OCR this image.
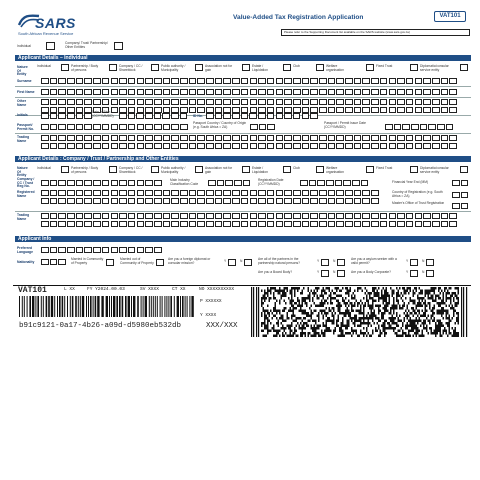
SARS
South African Revenue Service
Value-Added Tax Registration Application	VAT101
Please refer to the Supporting Document list available on the SARS website (www.sars.gov.za)
Individual
Company/ Trust/ Partnership/ Other Entities
Applicant Details – Individual
Nature Of Entity
Individual	Partnership / Body of persons
Company / CC / Shareblock
Public authority / Municipality
Association not for gain
Estate / Liquidation
Club	Welfare organisation
Fixed Trust	Diplomatic/consular service entity
Surname
First Name
Other Name
Initials
Date of Birth (CCYYMMDD)	ID No.
Passport/ Permit No.
Passport Country / Country of Origin (e.g. South Africa = ZA)
Passport / Permit Issue Date (CCYYMMDD)
Trading Name
Applicant Details : Company / Trust / Partnership and Other Entities
Nature Of Entity
Individual	Partnership / Body of persons
Company / CC / Shareblock
Public authority / Municipality
Association not for gain
Estate / Liquidation
Club	Welfare organisation
Fixed Trust	Diplomatic/consular service entity
Company / CC / Trust Reg No.
Main Industry Classification Code
Registration Date (CCYYMMDD)	Financial Year End (MM)
Registered Name
Country of Registration (e.g. South Africa = ZA)
Master's Office of Trust Registration
Trading Name
Applicant Info
Preferred Language
Nationality
Married in Community of Property
Married out of Community of Property
Are you a foreign diplomat or consular mission?	Y	N	Are all of the partners in the partnership natural persons?	Y	N	Are you a asylum seeker with a valid permit?	Y	N
Are you a Board Body?	Y	N	Are you a Body Corporate?	Y	N
VAT101	L XX	FY Y2024.00.03	SV XXXX	CT XX	NO XXXXXXXXXX
P XXXXXX
Y XXXX
b91c9121-0a17-4b26-a09d-d5980eb532db	XXX/XXX
